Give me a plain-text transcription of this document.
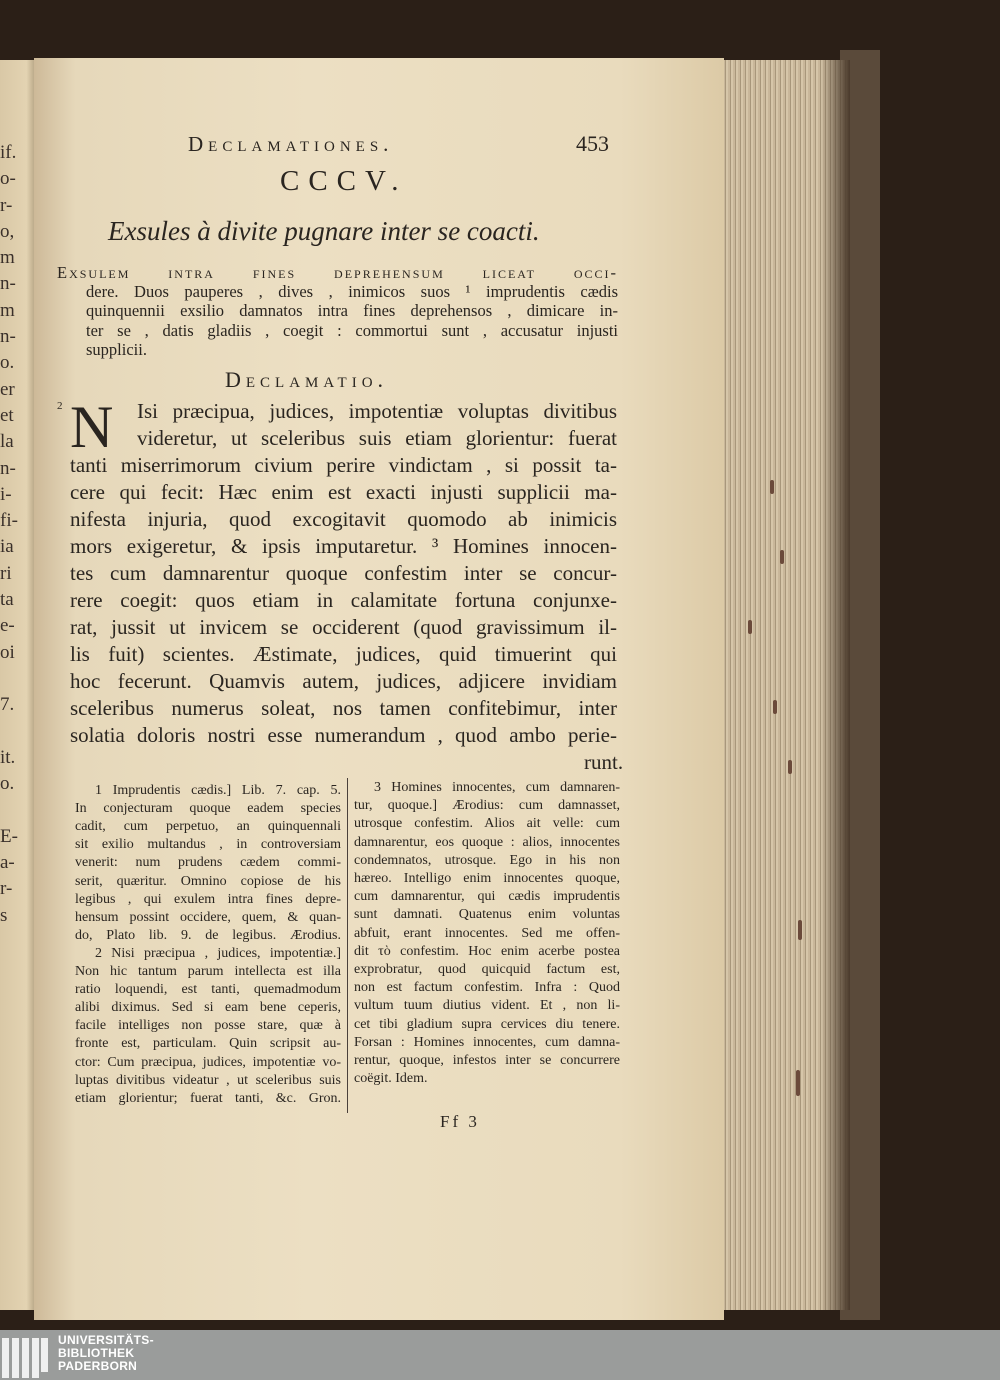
if.
o-
r-
o,
m
n-
m
n-
o.
er
et
la
n-
i-
fi-
ia
ri
ta
e-
oi
7.
it.
o.
E-
a-
r-
s
Declamationes.	453
CCCV.
Exsules à divite pugnare inter se coacti.
Exsulem intra fines deprehensum liceat occi-
dere. Duos pauperes , dives , inimicos suos ¹ imprudentis cædis
quinquennii exsilio damnatos intra fines deprehensos , dimicare in-
ter se , datis gladiis , coegit : commortui sunt , accusatur injusti
supplicii.
Declamatio.
2 N Isi præcipua, judices, impotentiæ voluptas divitibus
videretur, ut sceleribus suis etiam glorientur: fuerat
tanti miserrimorum civium perire vindictam , si possit ta-
cere qui fecit: Hæc enim est exacti injusti supplicii ma-
nifesta injuria, quod excogitavit quomodo ab inimicis
mors exigeretur, & ipsis imputaretur. ³ Homines innocen-
tes cum damnarentur quoque confestim inter se concur-
rere coegit: quos etiam in calamitate fortuna conjunxe-
rat, jussit ut invicem se occiderent (quod gravissimum il-
lis fuit) scientes. Æstimate, judices, quid timuerint qui
hoc fecerunt. Quamvis autem, judices, adjicere invidiam
sceleribus numerus soleat, nos tamen confitebimur, inter
solatia doloris nostri esse numerandum , quod ambo perie-
runt.
1 Imprudentis cædis.] Lib. 7. cap. 5.
In conjecturam quoque eadem species
cadit, cum perpetuo, an quinquennali
sit exilio multandus , in controversiam
venerit: num prudens cædem commi-
serit, quæritur. Omnino copiose de his
legibus , qui exulem intra fines depre-
hensum possint occidere, quem, & quan-
do, Plato lib. 9. de legibus. Ærodius.
2 Nisi præcipua , judices, impotentiæ.]
Non hic tantum parum intellecta est illa
ratio loquendi, est tanti, quemadmodum
alibi diximus. Sed si eam bene ceperis,
facile intelliges non posse stare, quæ à
fronte est, particulam. Quin scripsit au-
ctor: Cum præcipua, judices, impotentiæ vo-
luptas divitibus videatur , ut sceleribus suis
etiam glorientur; fuerat tanti, &c. Gron.
3 Homines innocentes, cum damnaren-
tur, quoque.] Ærodius: cum damnasset,
utrosque confestim. Alios ait velle: cum
damnarentur, eos quoque : alios, innocentes
condemnatos, utrosque. Ego in his non
hæreo. Intelligo enim innocentes quoque,
cum damnarentur, qui cædis imprudentis
sunt damnati. Quatenus enim voluntas
abfuit, erant innocentes. Sed me offen-
dit τὸ confestim. Hoc enim acerbe postea
exprobratur, quod quicquid factum est,
non est factum confestim. Infra : Quod
vultum tuum diutius vident. Et , non li-
cet tibi gladium supra cervices diu tenere.
Forsan : Homines innocentes, cum damna-
rentur, quoque, infestos inter se concurrere
coëgit. Idem.
Ff 3
UNIVERSITÄTS-
BIBLIOTHEK
PADERBORN
